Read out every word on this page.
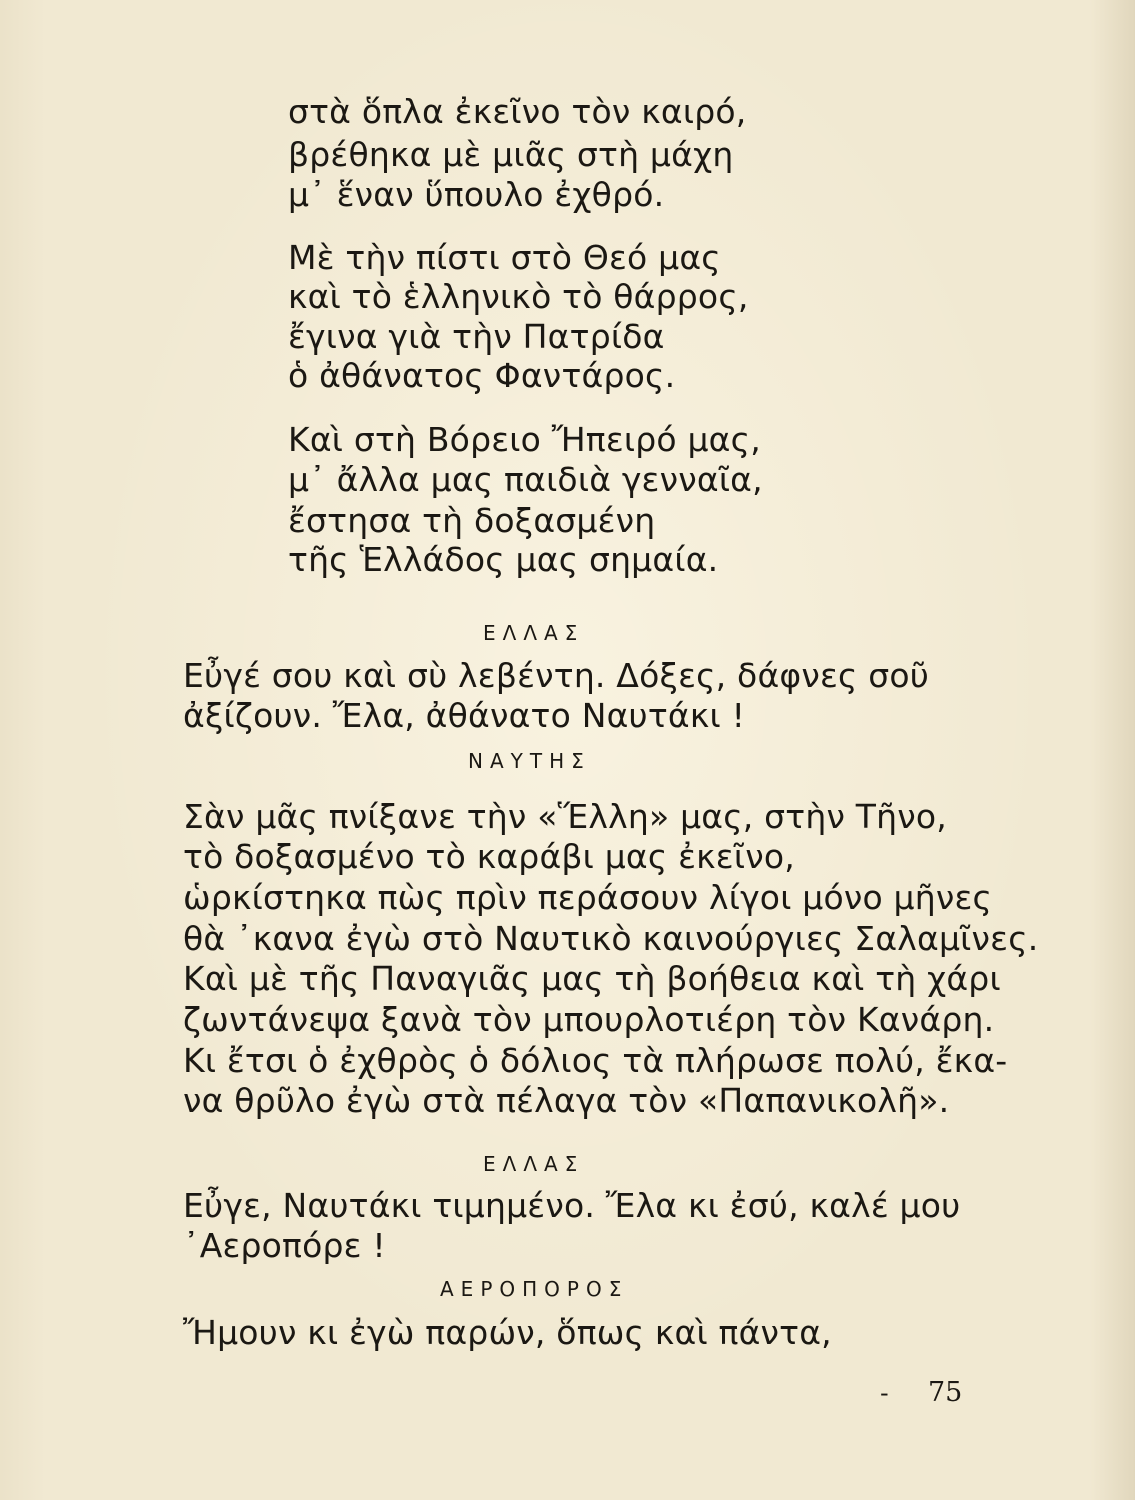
στὰ ὅπλα ἐκεῖνο τὸν καιρό,

βρέθηκα μὲ μιᾶς στὴ μάχη

μ᾽ ἕναν ὕπουλο ἐχθρό.

Μὲ τὴν πίστι στὸ Θεό μας

καὶ τὸ ἑλληνικὸ τὸ θάρρος,

ἔγινα γιὰ τὴν Πατρίδα

ὁ ἀθάνατος Φαντάρος.

Καὶ στὴ Βόρειο Ἤπειρό μας,

μ᾽ ἄλλα μας παιδιὰ γενναῖα,

ἔστησα τὴ δοξασμένη

τῆς Ἑλλάδος μας σημαία.

ΕΛΛΑΣ

Εὖγέ σου καὶ σὺ λεβέντη. Δόξες, δάφνες σοῦ

ἀξίζουν. Ἔλα, ἀθάνατο Ναυτάκι !

ΝΑΥΤΗΣ

Σὰν μᾶς πνίξανε τὴν «Ἕλλη» μας, στὴν Τῆνο,

τὸ δοξασμένο τὸ καράβι μας ἐκεῖνο,

ὡρκίστηκα πὼς πρὶν περάσουν λίγοι μόνο μῆνες

θὰ ᾽κανα ἐγὼ στὸ Ναυτικὸ καινούργιες Σαλαμῖνες.

Καὶ μὲ τῆς Παναγιᾶς μας τὴ βοήθεια καὶ τὴ χάρι

ζωντάνεψα ξανὰ τὸν μπουρλοτιέρη τὸν Κανάρη.

Κι ἔτσι ὁ ἐχθρὸς ὁ δόλιος τὰ πλήρωσε πολύ, ἔκα-

να θρῦλο ἐγὼ στὰ πέλαγα τὸν «Παπανικολῆ».

ΕΛΛΑΣ

Εὖγε, Ναυτάκι τιμημένο. Ἔλα κι ἐσύ, καλέ μου

᾽Αεροπόρε !

ΑΕΡΟΠΟΡΟΣ

Ἤμουν κι ἐγὼ παρών, ὅπως καὶ πάντα,

- 75
